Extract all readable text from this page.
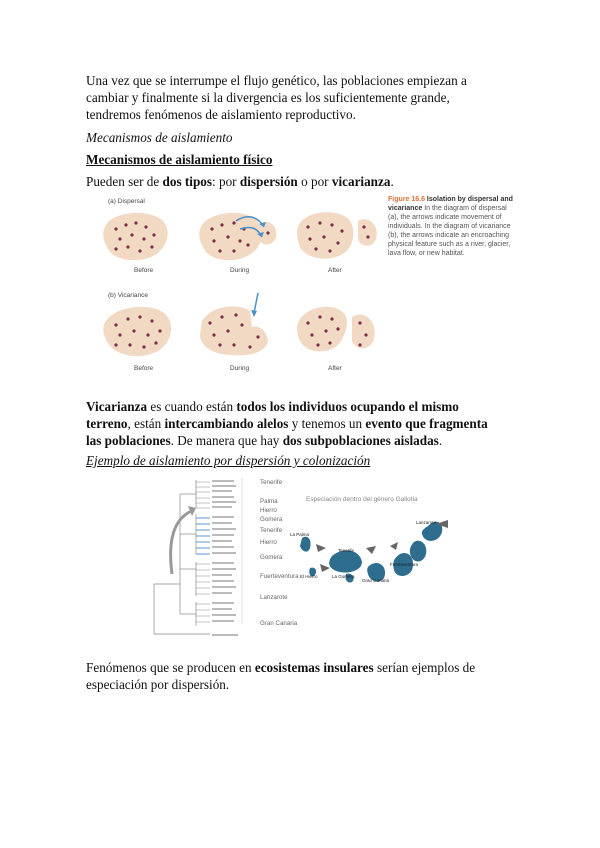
Una vez que se interrumpe el flujo genético, las poblaciones empiezan a cambiar y finalmente si la divergencia es los suficientemente grande, tendremos fenómenos de aislamiento reproductivo.
Mecanismos de aislamiento
Mecanismos de aislamiento físico
Pueden ser de dos tipos: por dispersión o por vicarianza.
(a) Dispersal
(b) Vicariance
Before	During	After
Before	During	After
Figure 16.6 Isolation by dispersal and vicariance In the diagram of dispersal (a), the arrows indicate movement of individuals. In the diagram of vicariance (b), the arrows indicate an encroaching physical feature such as a river, glacier, lava flow, or new habitat.
Vicarianza es cuando están todos los individuos ocupando el mismo terreno, están intercambiando alelos y tenemos un evento que fragmenta las poblaciones. De manera que hay dos subpoblaciones aisladas.
Ejemplo de aislamiento por dispersión y colonización
Especiación dentro del género Gallotia
Tenerife
Palma
Hierro
Gomera
Tenerife
Hierro
Gomera
Fuerteventura
Lanzarote
Gran Canaria
Lanzarote
La Palma
Tenerife
La Gomera
El Hierro
Gran Canaria
Fuerteventura
Fenómenos que se producen en ecosistemas insulares serían ejemplos de especiación por dispersión.
